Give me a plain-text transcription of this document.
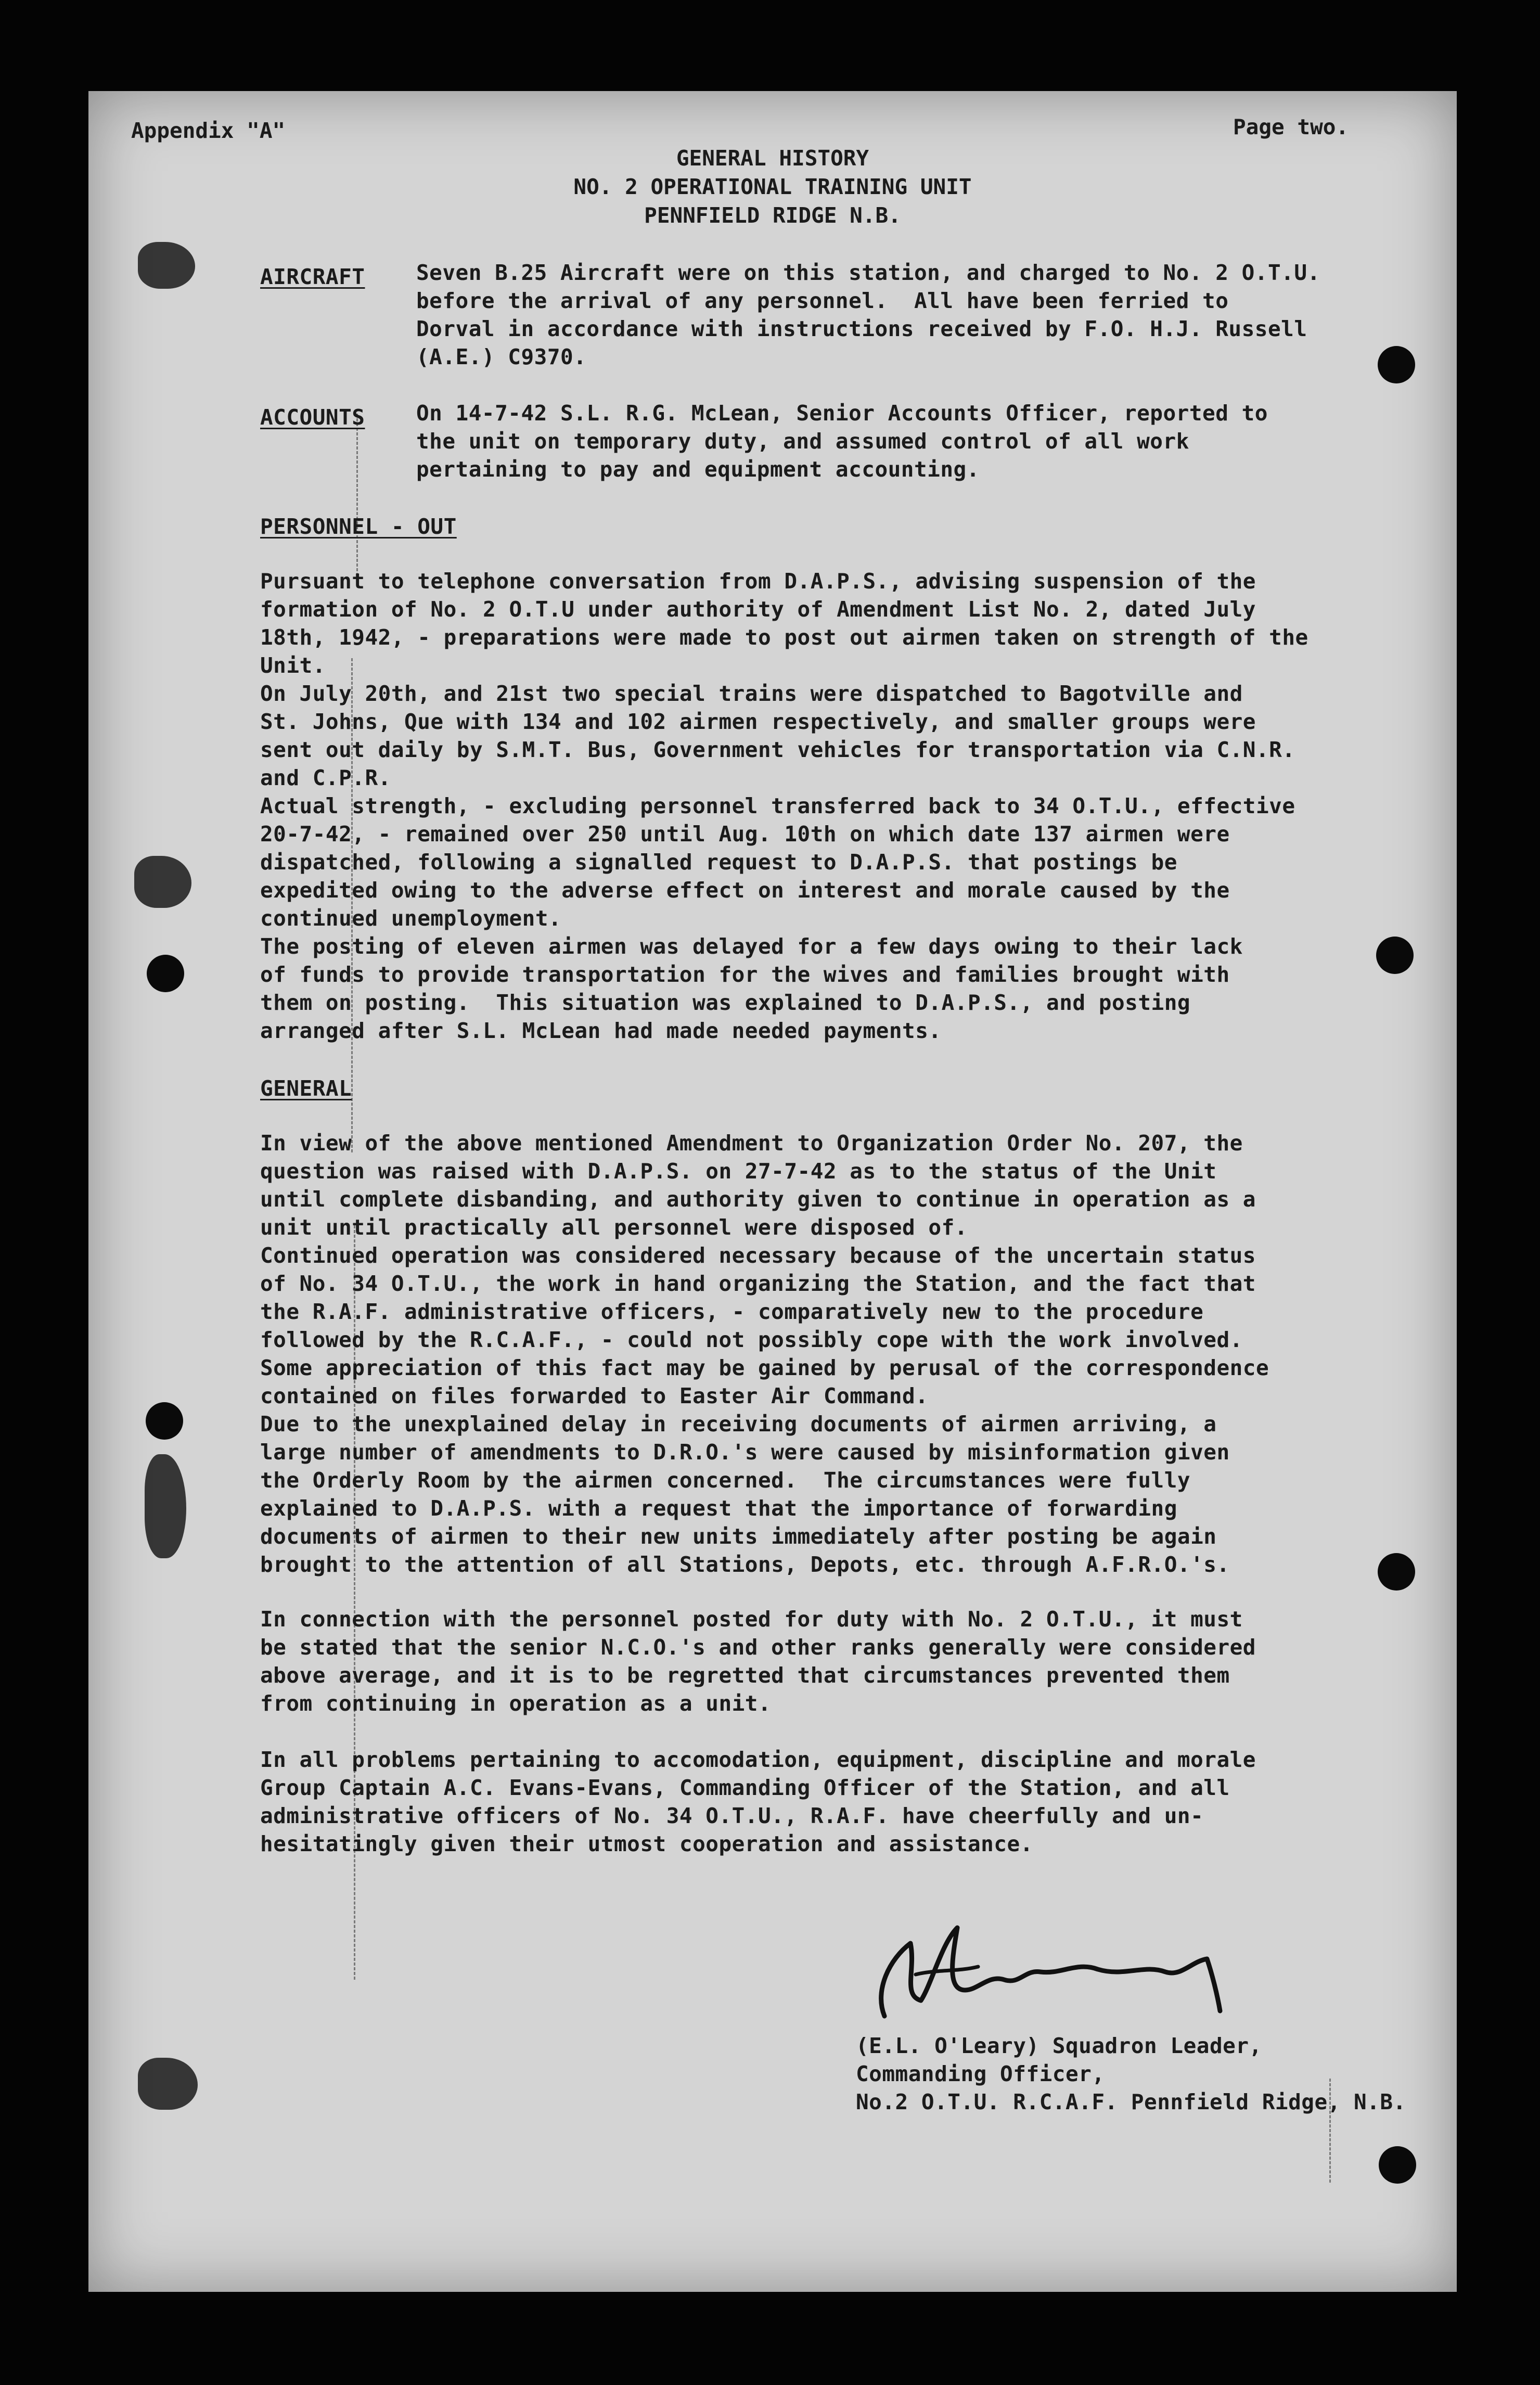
Appendix "A"	Page two.
GENERAL HISTORY
NO. 2 OPERATIONAL TRAINING UNIT
PENNFIELD RIDGE N.B.
AIRCRAFT Seven B.25 Aircraft were on this station, and charged to No. 2 O.T.U.
before the arrival of any personnel.  All have been ferried to
Dorval in accordance with instructions received by F.O. H.J. Russell
(A.E.) C9370.
ACCOUNTS On 14-7-42 S.L. R.G. McLean, Senior Accounts Officer, reported to
the unit on temporary duty, and assumed control of all work
pertaining to pay and equipment accounting.
PERSONNEL - OUT
Pursuant to telephone conversation from D.A.P.S., advising suspension of the
formation of No. 2 O.T.U under authority of Amendment List No. 2, dated July
18th, 1942, - preparations were made to post out airmen taken on strength of the
Unit.
On July 20th, and 21st two special trains were dispatched to Bagotville and
St. Johns, Que with 134 and 102 airmen respectively, and smaller groups were
sent out daily by S.M.T. Bus, Government vehicles for transportation via C.N.R.
and C.P.R.
Actual strength, - excluding personnel transferred back to 34 O.T.U., effective
20-7-42, - remained over 250 until Aug. 10th on which date 137 airmen were
dispatched, following a signalled request to D.A.P.S. that postings be
expedited owing to the adverse effect on interest and morale caused by the
continued unemployment.
The posting of eleven airmen was delayed for a few days owing to their lack
of funds to provide transportation for the wives and families brought with
them on posting.  This situation was explained to D.A.P.S., and posting
arranged after S.L. McLean had made needed payments.
GENERAL
In view of the above mentioned Amendment to Organization Order No. 207, the
question was raised with D.A.P.S. on 27-7-42 as to the status of the Unit
until complete disbanding, and authority given to continue in operation as a
unit until practically all personnel were disposed of.
Continued operation was considered necessary because of the uncertain status
of No. 34 O.T.U., the work in hand organizing the Station, and the fact that
the R.A.F. administrative officers, - comparatively new to the procedure
followed by the R.C.A.F., - could not possibly cope with the work involved.
Some appreciation of this fact may be gained by perusal of the correspondence
contained on files forwarded to Easter Air Command.
Due to the unexplained delay in receiving documents of airmen arriving, a
large number of amendments to D.R.O.'s were caused by misinformation given
the Orderly Room by the airmen concerned.  The circumstances were fully
explained to D.A.P.S. with a request that the importance of forwarding
documents of airmen to their new units immediately after posting be again
brought to the attention of all Stations, Depots, etc. through A.F.R.O.'s.
In connection with the personnel posted for duty with No. 2 O.T.U., it must
be stated that the senior N.C.O.'s and other ranks generally were considered
above average, and it is to be regretted that circumstances prevented them
from continuing in operation as a unit.
In all problems pertaining to accomodation, equipment, discipline and morale
Group Captain A.C. Evans-Evans, Commanding Officer of the Station, and all
administrative officers of No. 34 O.T.U., R.A.F. have cheerfully and un-
hesitatingly given their utmost cooperation and assistance.
(E.L. O'Leary) Squadron Leader,
Commanding Officer,
No.2 O.T.U. R.C.A.F. Pennfield Ridge, N.B.
